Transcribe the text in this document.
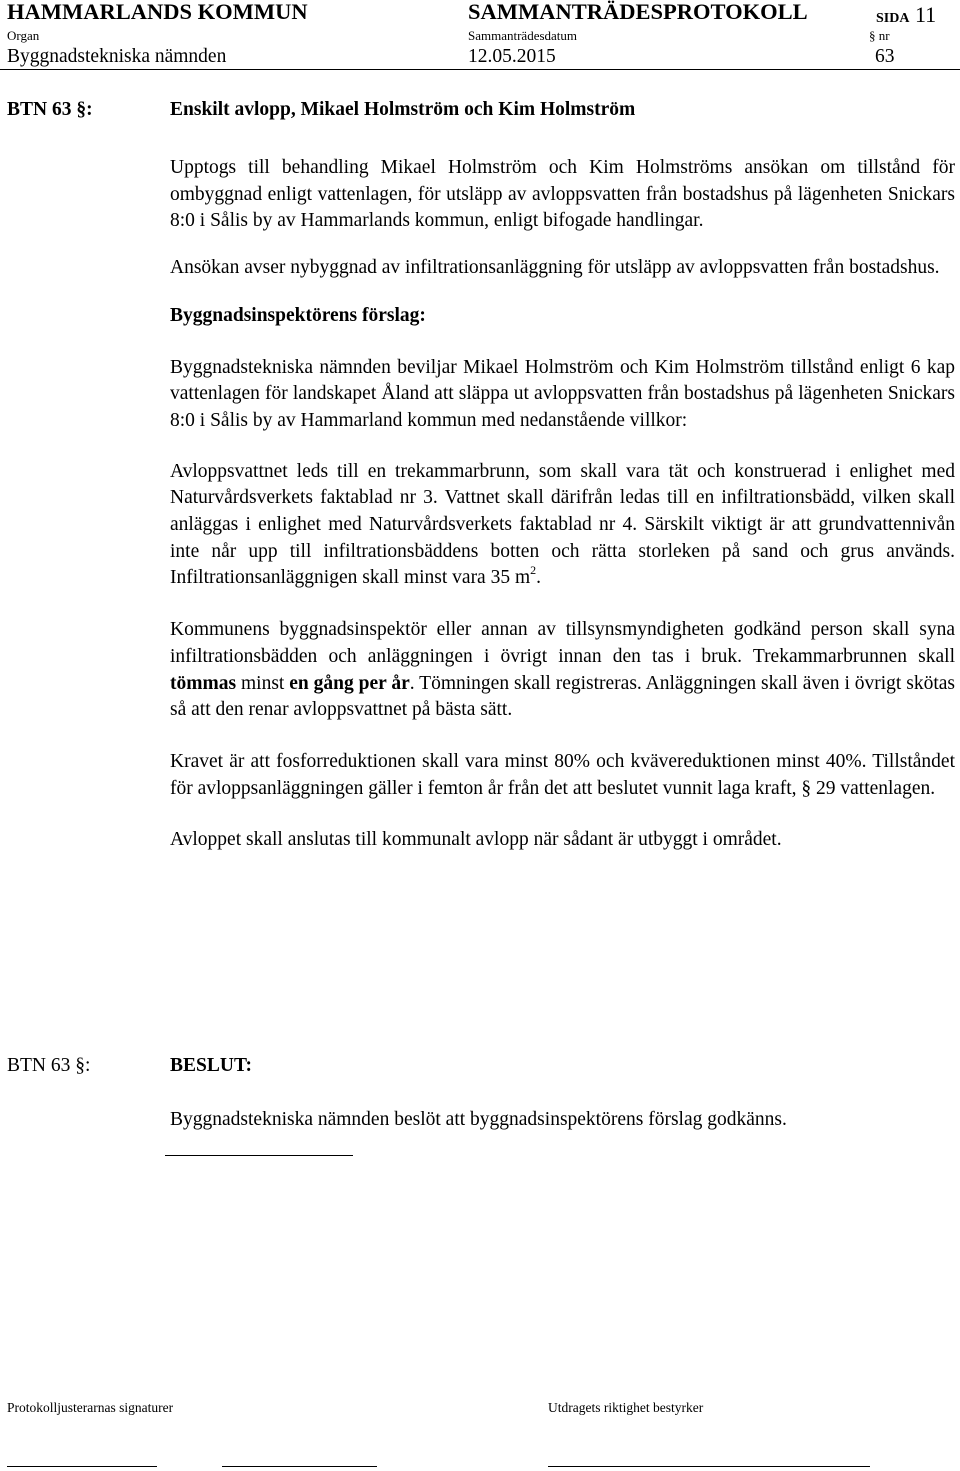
HAMMARLANDS KOMMUN	SAMMANTRÄDESPROTOKOLL	SIDA 11
Organ	Sammanträdesdatum	§ nr
Byggnadstekniska nämnden	12.05.2015	63
BTN 63 §:	Enskilt avlopp, Mikael Holmström och Kim Holmström

Upptogs till behandling Mikael Holmström och Kim Holmströms ansökan om tillstånd för ombyggnad enligt vattenlagen, för utsläpp av avloppsvatten från bostadshus på lägenheten Snickars 8:0 i Sålis by av Hammarlands kommun, enligt bifogade handlingar.

Ansökan avser nybyggnad av infiltrationsanläggning för utsläpp av avloppsvatten från bostadshus.

Byggnadsinspektörens förslag:

Byggnadstekniska nämnden beviljar Mikael Holmström och Kim Holmström tillstånd enligt 6 kap vattenlagen för landskapet Åland att släppa ut avloppsvatten från bostadshus på lägenheten Snickars 8:0 i Sålis by av Hammarland kommun med nedanstående villkor:

Avloppsvattnet leds till en trekammarbrunn, som skall vara tät och konstruerad i enlighet med Naturvårdsverkets faktablad nr 3. Vattnet skall därifrån ledas till en infiltrationsbädd, vilken skall anläggas i enlighet med Naturvårdsverkets faktablad nr 4. Särskilt viktigt är att grundvattennivån inte når upp till infiltrationsbäddens botten och rätta storleken på sand och grus används. Infiltrationsanläggnigen skall minst vara 35 $m^2$.

Kommunens byggnadsinspektör eller annan av tillsynsmyndigheten godkänd person skall syna infiltrationsbädden och anläggningen i övrigt innan den tas i bruk. Trekammarbrunnen skall tömmas minst en gång per år. Tömningen skall registreras. Anläggningen skall även i övrigt skötas så att den renar avloppsvattnet på bästa sätt.

Kravet är att fosforreduktionen skall vara minst 80% och kvävereduktionen minst 40%. Tillståndet för avloppsanläggningen gäller i femton år från det att beslutet vunnit laga kraft, § 29 vattenlagen.

Avloppet skall anslutas till kommunalt avlopp när sådant är utbyggt i området.

BTN 63 §:	BESLUT:
Byggnadstekniska nämnden beslöt att byggnadsinspektörens förslag godkänns.
Protokolljusterarnas signaturer	Utdragets riktighet bestyrker
